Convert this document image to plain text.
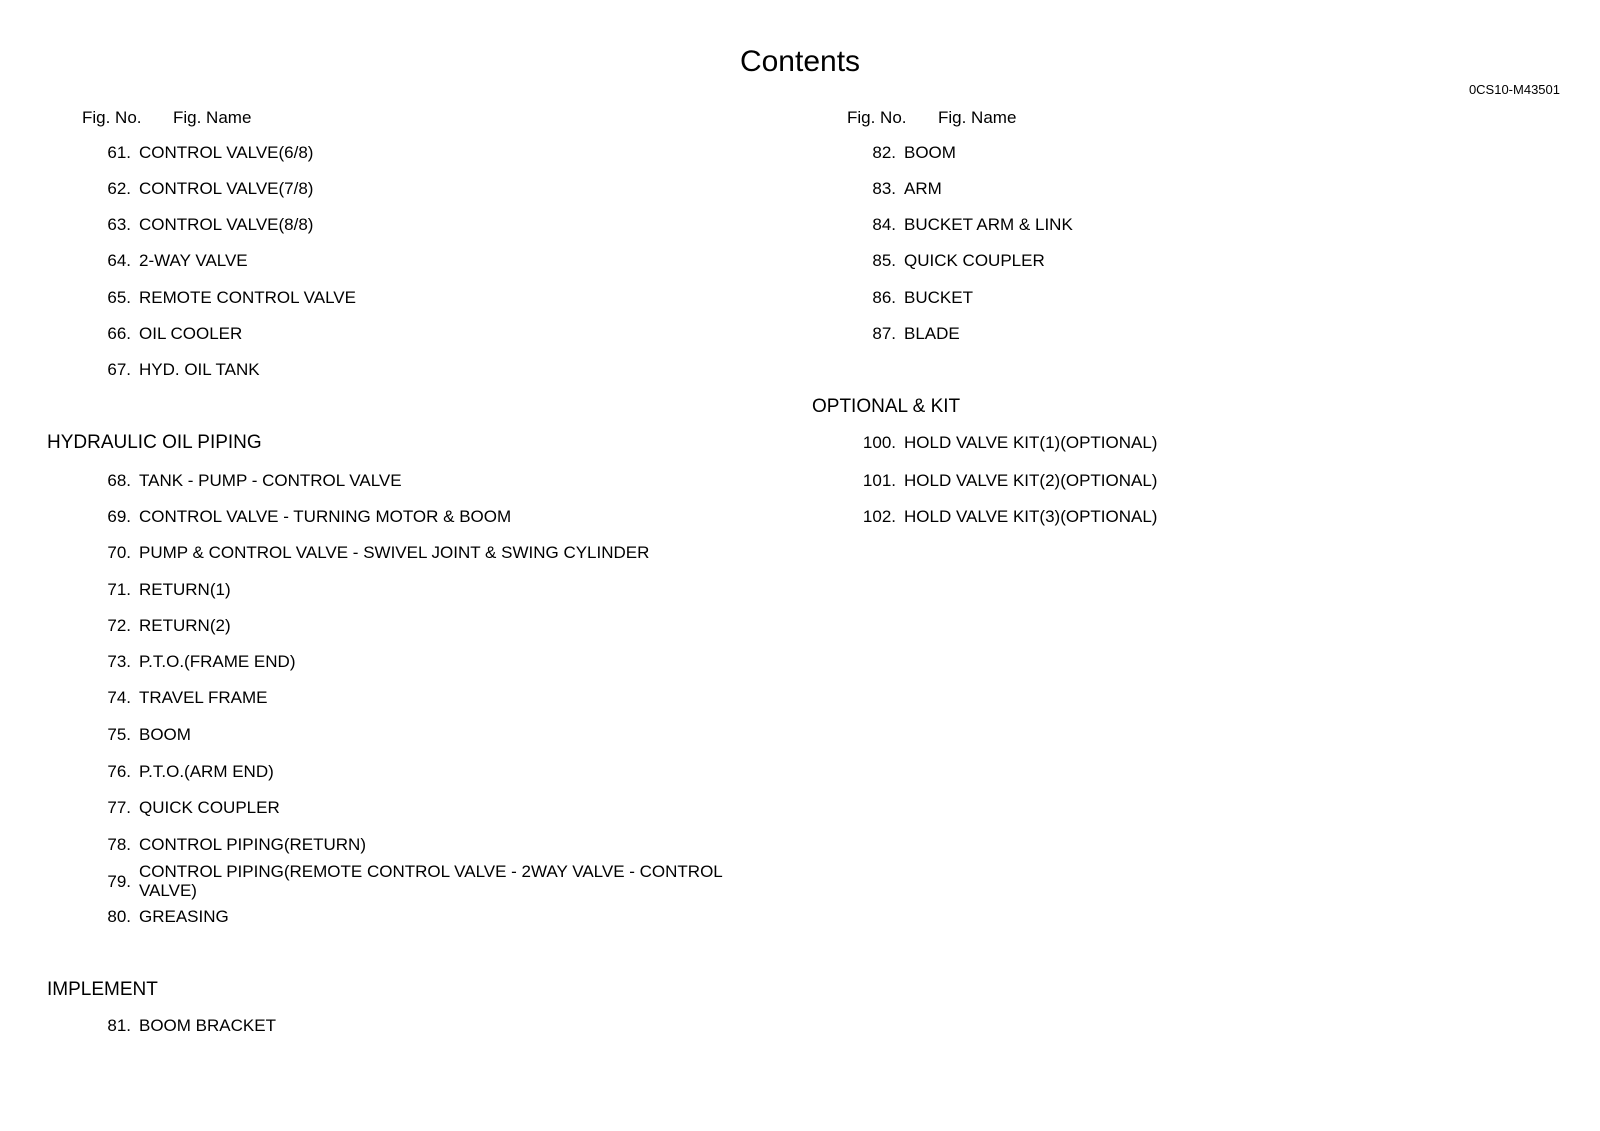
Contents
0CS10-M43501
Fig. No. Fig. Name	Fig. No. Fig. Name
61. CONTROL VALVE(6/8)
62. CONTROL VALVE(7/8)
63. CONTROL VALVE(8/8)
64. 2-WAY VALVE
65. REMOTE CONTROL VALVE
66. OIL COOLER
67. HYD. OIL TANK
HYDRAULIC OIL PIPING
68. TANK - PUMP - CONTROL VALVE
69. CONTROL VALVE - TURNING MOTOR & BOOM
70. PUMP & CONTROL VALVE - SWIVEL JOINT & SWING CYLINDER
71. RETURN(1)
72. RETURN(2)
73. P.T.O.(FRAME END)
74. TRAVEL FRAME
75. BOOM
76. P.T.O.(ARM END)
77. QUICK COUPLER
78. CONTROL PIPING(RETURN)
79. CONTROL PIPING(REMOTE CONTROL VALVE - 2WAY VALVE - CONTROL VALVE)
80. GREASING
IMPLEMENT
81. BOOM BRACKET
82. BOOM
83. ARM
84. BUCKET ARM & LINK
85. QUICK COUPLER
86. BUCKET
87. BLADE
OPTIONAL & KIT
100. HOLD VALVE KIT(1)(OPTIONAL)
101. HOLD VALVE KIT(2)(OPTIONAL)
102. HOLD VALVE KIT(3)(OPTIONAL)
